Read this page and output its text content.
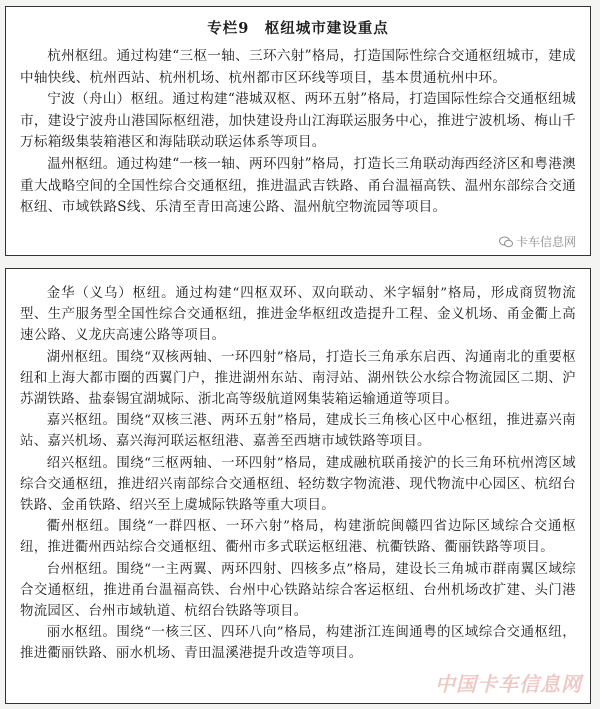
专栏9　枢纽城市建设重点

杭州枢纽。通过构建“三枢一轴、三环六射”格局，打造国际性综合交通枢纽城市，建成中轴快线、杭州西站、杭州机场、杭州都市区环线等项目，基本贯通杭州中环。

宁波（舟山）枢纽。通过构建“港城双枢、两环五射”格局，打造国际性综合交通枢纽城市，建设宁波舟山港国际枢纽港，加快建设舟山江海联运服务中心，推进宁波机场、梅山千万标箱级集装箱港区和海陆联动联运体系等项目。

温州枢纽。通过构建“一核一轴、两环四射”格局，打造长三角联动海西经济区和粤港澳重大战略空间的全国性综合交通枢纽，推进温武吉铁路、甬台温福高铁、温州东部综合交通枢纽、市域铁路S线、乐清至青田高速公路、温州航空物流园等项目。

卡车信息网

金华（义乌）枢纽。通过构建“四枢双环、双向联动、米字辐射”格局，形成商贸物流型、生产服务型全国性综合交通枢纽，推进金华枢纽改造提升工程、金义机场、甬金衢上高速公路、义龙庆高速公路等项目。

湖州枢纽。围绕“双核两轴、一环四射”格局，打造长三角承东启西、沟通南北的重要枢纽和上海大都市圈的西翼门户，推进湖州东站、南浔站、湖州铁公水综合物流园区二期、沪苏湖铁路、盐泰锡宜湖城际、浙北高等级航道网集装箱运输通道等项目。

嘉兴枢纽。围绕“双核三港、两环五射”格局，建成长三角核心区中心枢纽，推进嘉兴南站、嘉兴机场、嘉兴海河联运枢纽港、嘉善至西塘市域铁路等项目。

绍兴枢纽。围绕“三枢两轴、一环四射”格局，建成融杭联甬接沪的长三角环杭州湾区域综合交通枢纽，推进绍兴南部综合交通枢纽、轻纺数字物流港、现代物流中心园区、杭绍台铁路、金甬铁路、绍兴至上虞城际铁路等重大项目。

衢州枢纽。围绕“一群四枢、一环六射”格局，构建浙皖闽赣四省边际区域综合交通枢纽，推进衢州西站综合交通枢纽、衢州市多式联运枢纽港、杭衢铁路、衢丽铁路等项目。

台州枢纽。围绕“一主两翼、两环四射、四核多点”格局，建设长三角城市群南翼区域综合交通枢纽，推进甬台温福高铁、台州中心铁路站综合客运枢纽、台州机场改扩建、头门港物流园区、台州市域轨道、杭绍台铁路等项目。

丽水枢纽。围绕“一核三区、四环八向”格局，构建浙江连闽通粤的区域综合交通枢纽，推进衢丽铁路、丽水机场、青田温溪港提升改造等项目。

中国卡车信息网
